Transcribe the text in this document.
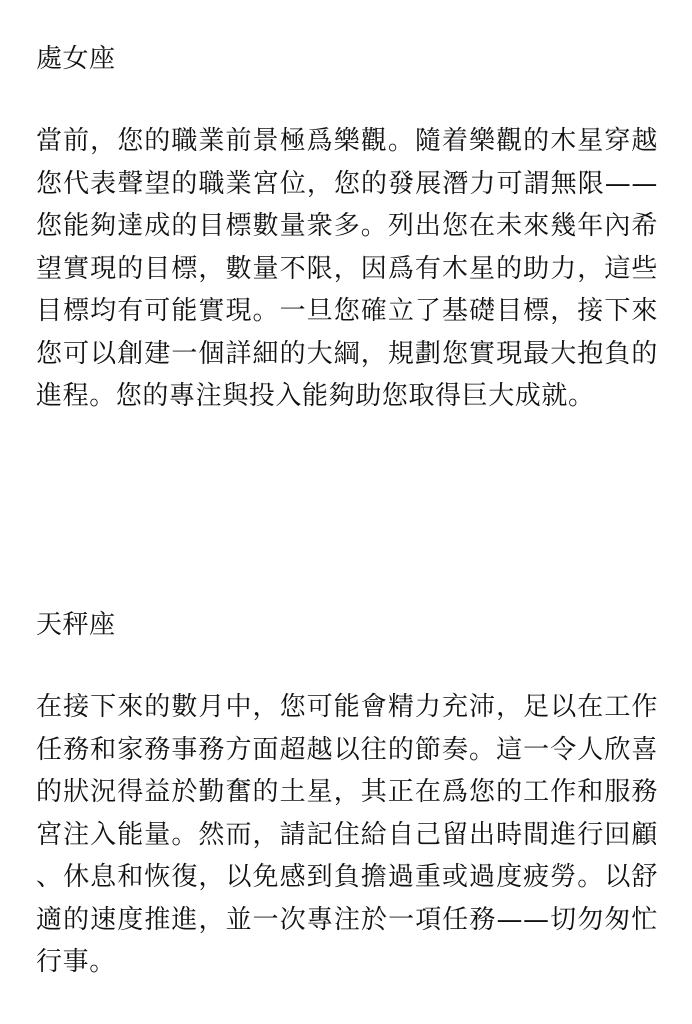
處女座

當前，您的職業前景極爲樂觀。隨着樂觀的木星穿越您代表聲望的職業宮位，您的發展潛力可謂無限——您能夠達成的目標數量衆多。列出您在未來幾年內希望實現的目標，數量不限，因爲有木星的助力，這些目標均有可能實現。一旦您確立了基礎目標，接下來您可以創建一個詳細的大綱，規劃您實現最大抱負的進程。您的專注與投入能夠助您取得巨大成就。

天秤座

在接下來的數月中，您可能會精力充沛，足以在工作任務和家務事務方面超越以往的節奏。這一令人欣喜的狀況得益於勤奮的土星，其正在爲您的工作和服務宮注入能量。然而，請記住給自己留出時間進行回顧、休息和恢復，以免感到負擔過重或過度疲勞。以舒適的速度推進，並一次專注於一項任務——切勿匆忙行事。
